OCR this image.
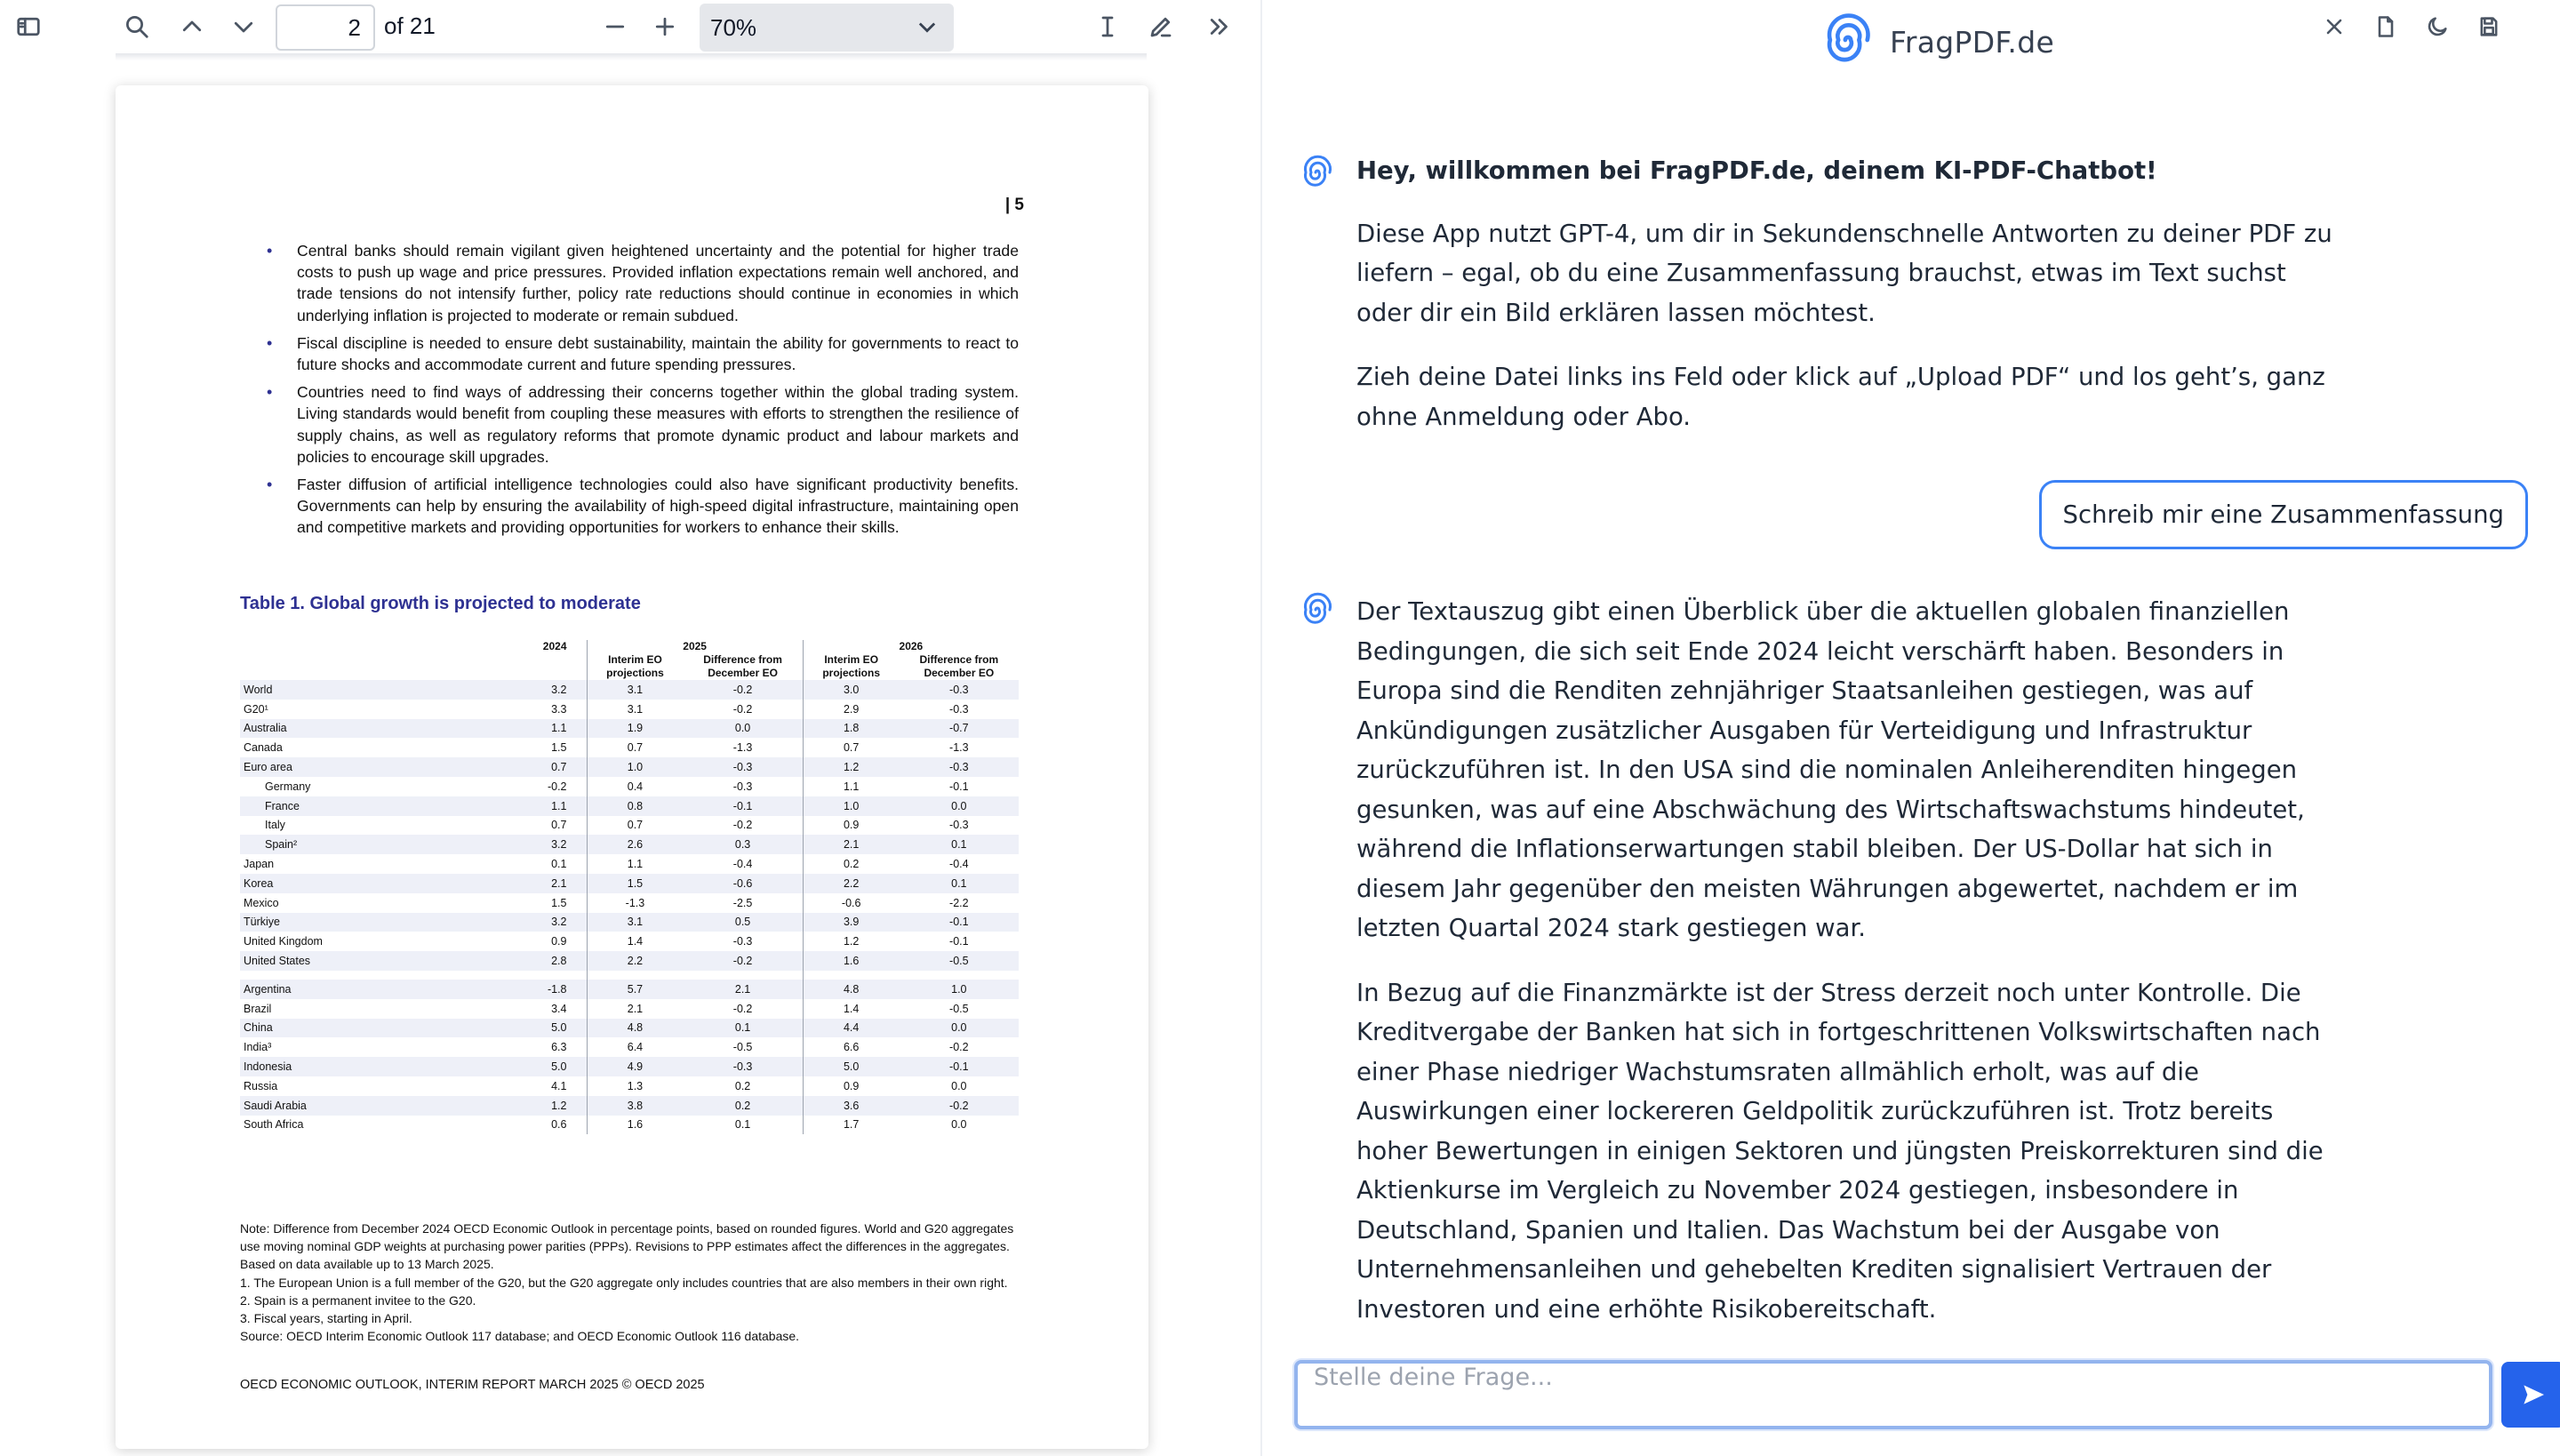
2
of 21	70%
| 5
• Central banks should remain vigilant given heightened uncertainty and the potential for higher trade costs to push up wage and price pressures. Provided inflation expectations remain well anchored, and trade tensions do not intensify further, policy rate reductions should continue in economies in which underlying inflation is projected to moderate or remain subdued.
• Fiscal discipline is needed to ensure debt sustainability, maintain the ability for governments to react to future shocks and accommodate current and future spending pressures.
• Countries need to find ways of addressing their concerns together within the global trading system. Living standards would benefit from coupling these measures with efforts to strengthen the resilience of supply chains, as well as regulatory reforms that promote dynamic product and labour markets and policies to encourage skill upgrades.
• Faster diffusion of artificial intelligence technologies could also have significant productivity benefits. Governments can help by ensuring the availability of high-speed digital infrastructure, maintaining open and competitive markets and providing opportunities for workers to enhance their skills.
Table 1. Global growth is projected to moderate
	2024	2025		2026	
		Interim EO projections	Difference from December EO	Interim EO projections	Difference from December EO
World	3.2	3.1	-0.2	3.0	-0.3
G20¹	3.3	3.1	-0.2	2.9	-0.3
Australia	1.1	1.9	0.0	1.8	-0.7
Canada	1.5	0.7	-1.3	0.7	-1.3
Euro area	0.7	1.0	-0.3	1.2	-0.3
Germany	-0.2	0.4	-0.3	1.1	-0.1
France	1.1	0.8	-0.1	1.0	0.0
Italy	0.7	0.7	-0.2	0.9	-0.3
Spain²	3.2	2.6	0.3	2.1	0.1
Japan	0.1	1.1	-0.4	0.2	-0.4
Korea	2.1	1.5	-0.6	2.2	0.1
Mexico	1.5	-1.3	-2.5	-0.6	-2.2
Türkiye	3.2	3.1	0.5	3.9	-0.1
United Kingdom	0.9	1.4	-0.3	1.2	-0.1
United States	2.8	2.2	-0.2	1.6	-0.5

Argentina	-1.8	5.7	2.1	4.8	1.0
Brazil	3.4	2.1	-0.2	1.4	-0.5
China	5.0	4.8	0.1	4.4	0.0
India³	6.3	6.4	-0.5	6.6	-0.2
Indonesia	5.0	4.9	-0.3	5.0	-0.1
Russia	4.1	1.3	0.2	0.9	0.0
Saudi Arabia	1.2	3.8	0.2	3.6	-0.2
South Africa	0.6	1.6	0.1	1.7	0.0
Note: Difference from December 2024 OECD Economic Outlook in percentage points, based on rounded figures. World and G20 aggregates use moving nominal GDP weights at purchasing power parities (PPPs). Revisions to PPP estimates affect the differences in the aggregates. Based on data available up to 13 March 2025.
1. The European Union is a full member of the G20, but the G20 aggregate only includes countries that are also members in their own right.
2. Spain is a permanent invitee to the G20.
3. Fiscal years, starting in April.
Source: OECD Interim Economic Outlook 117 database; and OECD Economic Outlook 116 database.
OECD ECONOMIC OUTLOOK, INTERIM REPORT MARCH 2025 © OECD 2025
FragPDF.de

Hey, willkommen bei FragPDF.de, deinem KI-PDF-Chatbot!

Diese App nutzt GPT-4, um dir in Sekundenschnelle Antworten zu deiner PDF zu liefern – egal, ob du eine Zusammenfassung brauchst, etwas im Text suchst oder dir ein Bild erklären lassen möchtest.

Zieh deine Datei links ins Feld oder klick auf „Upload PDF“ und los geht’s, ganz ohne Anmeldung oder Abo.

Schreib mir eine Zusammenfassung

Der Textauszug gibt einen Überblick über die aktuellen globalen finanziellen Bedingungen, die sich seit Ende 2024 leicht verschärft haben. Besonders in Europa sind die Renditen zehnjähriger Staatsanleihen gestiegen, was auf Ankündigungen zusätzlicher Ausgaben für Verteidigung und Infrastruktur zurückzuführen ist. In den USA sind die nominalen Anleiherenditen hingegen gesunken, was auf eine Abschwächung des Wirtschaftswachstums hindeutet, während die Inflationserwartungen stabil bleiben. Der US-Dollar hat sich in diesem Jahr gegenüber den meisten Währungen abgewertet, nachdem er im letzten Quartal 2024 stark gestiegen war.

In Bezug auf die Finanzmärkte ist der Stress derzeit noch unter Kontrolle. Die Kreditvergabe der Banken hat sich in fortgeschrittenen Volkswirtschaften nach einer Phase niedriger Wachstumsraten allmählich erholt, was auf die Auswirkungen einer lockereren Geldpolitik zurückzuführen ist. Trotz bereits hoher Bewertungen in einigen Sektoren und jüngsten Preiskorrekturen sind die Aktienkurse im Vergleich zu November 2024 gestiegen, insbesondere in Deutschland, Spanien und Italien. Das Wachstum bei der Ausgabe von Unternehmensanleihen und gehebelten Krediten signalisiert Vertrauen der Investoren und eine erhöhte Risikobereitschaft.

Stelle deine Frage...
